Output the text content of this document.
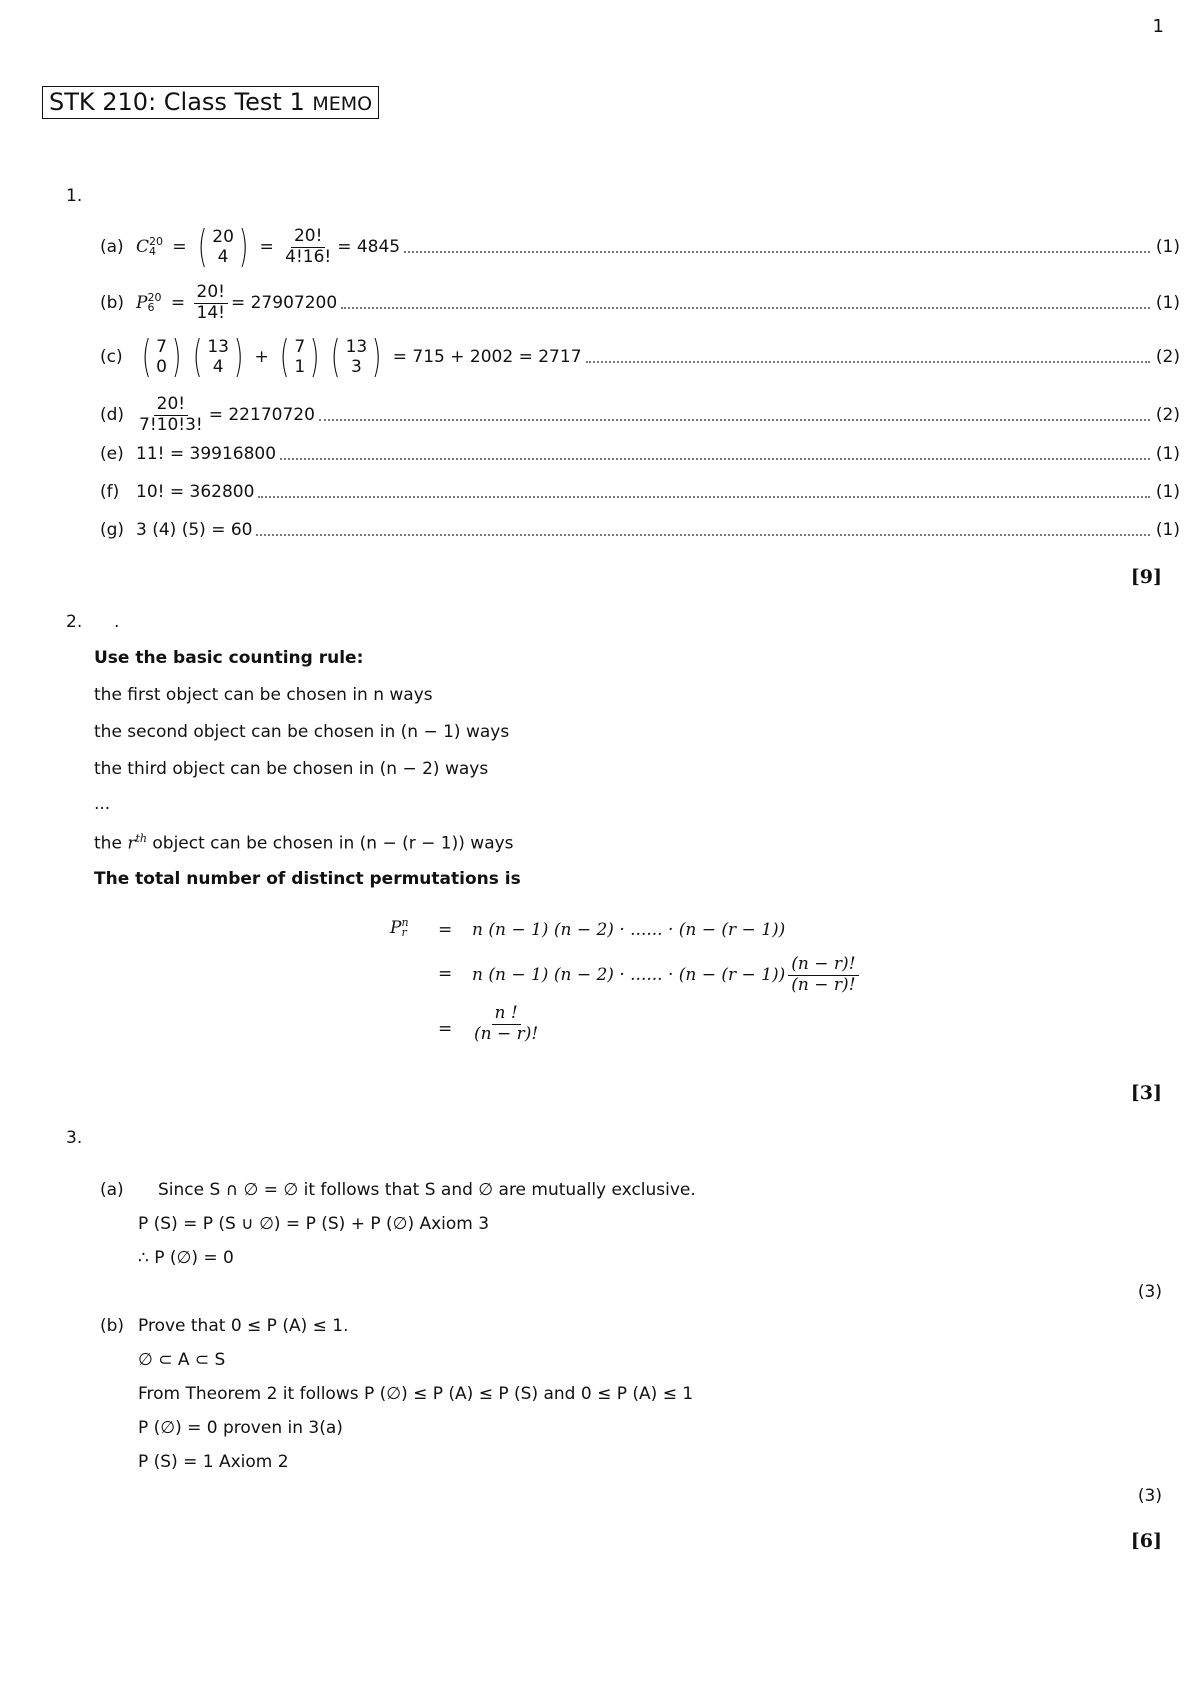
1
STK 210: Class Test 1 MEMO
1.
(a) C 20
4 = ( 20
4 ) = $\frac{20!}{4!16!} = 4845$	(1)
(b) P 20
$6 = \frac{20!}{14!} = 27907200$	(1)
(c) ( 7
0 ) ( 13
4 ) + ( 7
1 ) ( 13
3 )
= 715 + 2002 = 2717	(2)
$(d) \frac{20!}{7!10!3!} = 22170720$	(2)
(e) 11! = 39916800	(1)
(f) 10! = 362800	(1)
(g) 3 (4) (5) = 60	(1)
[9]
2. .
Use the basic counting rule:
the first object can be chosen in n ways
the second object can be chosen in (n − 1) ways
the third object can be chosen in (n − 2) ways
...
the $r^{th}$ object can be chosen in (n − (r − 1)) ways
The total number of distinct permutations is
P n
r = n (n − 1) (n − 2) · ...... · (n − (r − 1))
= n (n − 1) (n − 2) · ...... · $(n - (r - 1)) \frac{(n - r)!}{(n - r)!}$
= $\frac{n !}{(n - r)!}$
[3]
3.
(a) Since S ∩ ∅ = ∅ it follows that S and ∅ are mutually exclusive.
P (S) = P (S ∪ ∅) = P (S) + P (∅) Axiom 3
∴ P (∅) = 0
(3)
(b) Prove that 0 ≤ P (A) ≤ 1.
∅ ⊂ A ⊂ S
From Theorem 2 it follows P (∅) ≤ P (A) ≤ P (S) and 0 ≤ P (A) ≤ 1
P (∅) = 0 proven in 3(a)
P (S) = 1 Axiom 2
(3)
[6]
